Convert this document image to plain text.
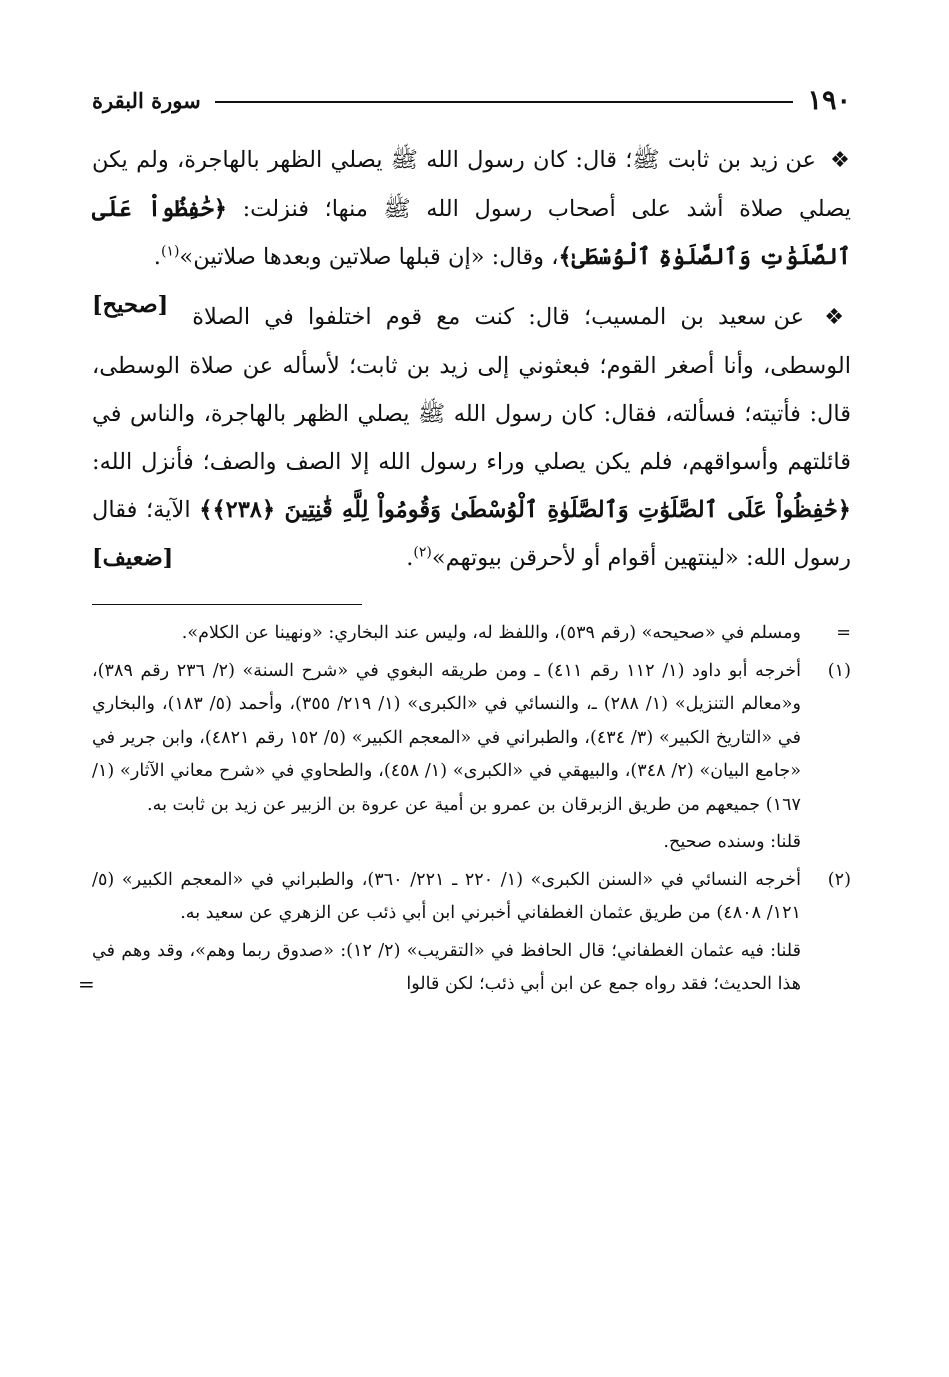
١٩٠
سورة البقرة

❖ عن زيد بن ثابت ﷺ؛ قال: كان رسول الله ﷺ يصلي الظهر بالهاجرة، ولم يكن يصلي صلاة أشد على أصحاب رسول الله ﷺ منها؛ فنزلت: ﴿حَٰفِظُواْ عَلَى ٱلصَّلَوَٰتِ وَٱلصَّلَوٰةِ ٱلْوُسْطَىٰ﴾، وقال: «إن قبلها صلاتين وبعدها صلاتين»$^{(١)}$.
[صحيح]	❖ عن سعيد بن المسيب؛ قال: كنت مع قوم اختلفوا في الصلاة الوسطى، وأنا أصغر القوم؛ فبعثوني إلى زيد بن ثابت؛ لأسأله عن صلاة الوسطى، قال: فأتيته؛ فسألته، فقال: كان رسول الله ﷺ يصلي الظهر بالهاجرة، والناس في قائلتهم وأسواقهم، فلم يكن يصلي وراء رسول الله إلا الصف والصف؛ فأنزل الله: ﴿حَٰفِظُواْ عَلَى ٱلصَّلَوَٰتِ وَٱلصَّلَوٰةِ ٱلْوُسْطَىٰ وَقُومُواْ لِلَّهِ قَٰنِتِينَ ﴿٢٣٨﴾﴾ الآية؛ فقال رسول الله: «لينتهين أقوام أو لأحرقن بيوتهم»$^{(٢)}$.
[ضعيف]

=
ومسلم في «صحيحه» (رقم ٥٣٩)، واللفظ له، وليس عند البخاري: «ونهينا عن الكلام».
(١)
أخرجه أبو داود (١/ ١١٢ رقم ٤١١) ـ ومن طريقه البغوي في «شرح السنة» (٢/ ٢٣٦ رقم ٣٨٩)، و«معالم التنزيل» (١/ ٢٨٨) ـ، والنسائي في «الكبرى» (١/ ٢١٩/ ٣٥٥)، وأحمد (٥/ ١٨٣)، والبخاري في «التاريخ الكبير» (٣/ ٤٣٤)، والطبراني في «المعجم الكبير» (٥/ ١٥٢ رقم ٤٨٢١)، وابن جرير في «جامع البيان» (٢/ ٣٤٨)، والبيهقي في «الكبرى» (١/ ٤٥٨)، والطحاوي في «شرح معاني الآثار» (١/ ١٦٧) جميعهم من طريق الزبرقان بن عمرو بن أمية عن عروة بن الزبير عن زيد بن ثابت به.

قلنا: وسنده صحيح.

(٢)
أخرجه النسائي في «السنن الكبرى» (١/ ٢٢٠ ـ ٢٢١/ ٣٦٠)، والطبراني في «المعجم الكبير» (٥/ ١٢١/ ٤٨٠٨) من طريق عثمان الغطفاني أخبرني ابن أبي ذئب عن الزهري عن سعيد به.

قلنا: فيه عثمان الغطفاني؛ قال الحافظ في «التقريب» (٢/ ١٢): «صدوق ربما وهم»، وقد وهم في هذا الحديث؛ فقد رواه جمع عن ابن أبي ذئب؛ لكن قالوا
=
